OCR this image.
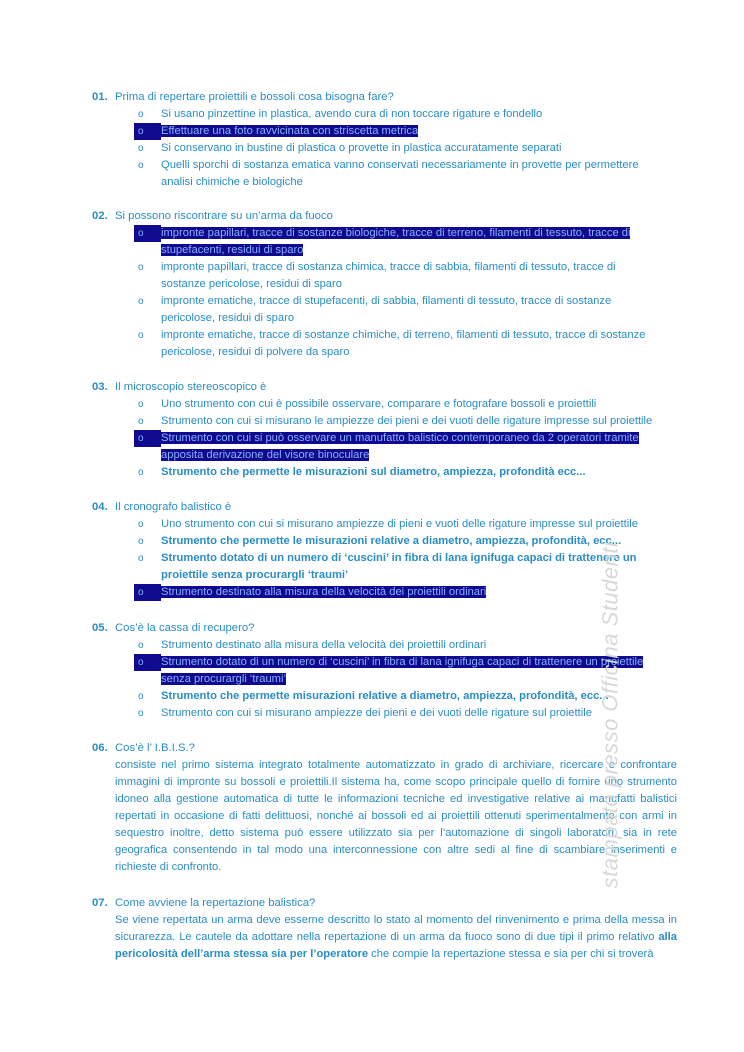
01. Prima di repertare proiettili e bossoli cosa bisogna fare?
o Si usano pinzettine in plastica, avendo cura di non toccare rigature e fondello
Effettuare una foto ravvicinata con striscetta metrica
o
o Si conservano in bustine di plastica o provette in plastica accuratamente separati
o Quelli sporchi di sostanza ematica vanno conservati necessariamente in provette per permettere analisi chimiche e biologiche
02. Si possono riscontrare su un’arma da fuoco
impronte papillari, tracce di sostanze biologiche, tracce di terreno, filamenti di tessuto, tracce di stupefacenti, residui di sparo
o
o impronte papillari, tracce di sostanza chimica, tracce di sabbia, filamenti di tessuto, tracce di sostanze pericolose, residui di sparo
o impronte ematiche, tracce di stupefacenti, di sabbia, filamenti di tessuto, tracce di sostanze pericolose, residui di sparo
o impronte ematiche, tracce di sostanze chimiche, di terreno, filamenti di tessuto, tracce di sostanze pericolose, residui di polvere da sparo
03. Il microscopio stereoscopico è
o Uno strumento con cui è possibile osservare, comparare e fotografare bossoli e proiettili
o Strumento con cui si misurano le ampiezze dei pieni e dei vuoti delle rigature impresse sul proiettile
Strumento con cui si può osservare un manufatto balistico contemporaneo da 2 operatori tramite apposita derivazione del visore binoculare
o
o Strumento che permette le misurazioni sul diametro, ampiezza, profondità ecc...
04. Il cronografo balistico è
o Uno strumento con cui si misurano ampiezze di pieni e vuoti delle rigature impresse sul proiettile
o Strumento che permette le misurazioni relative a diametro, ampiezza, profondità, ecc...
o Strumento dotato di un numero di ‘cuscini’ in fibra di lana ignifuga capaci di trattenere un proiettile senza procurargli ‘traumi’
Strumento destinato alla misura della velocità dei proiettili ordinari
o
05. Cos’è la cassa di recupero?
o Strumento destinato alla misura della velocità dei proiettili ordinari
Strumento dotato di un numero di ‘cuscini’ in fibra di lana ignifuga capaci di trattenere un proiettile senza procurargli ‘traumi’
o
o Strumento che permette misurazioni relative a diametro, ampiezza, profondità, ecc...
o Strumento con cui si misurano ampiezze dei pieni e dei vuoti delle rigature sul proiettile
06. Cos’è l’ I.B.I.S.?
consiste nel primo sistema integrato totalmente automatizzato in grado di archiviare, ricercare e confrontare immagini di impronte su bossoli e proiettili.Il sistema ha, come scopo principale quello di fornire uno strumento idoneo alla gestione automatica di tutte le informazioni tecniche ed investigative relative ai manufatti balistici repertati in occasione di fatti delittuosi, nonché ai bossoli ed ai proiettili ottenuti sperimentalmente con armi in sequestro inoltre, detto sistema può essere utilizzato sia per l’automazione di singoli laboratori, sia in rete geografica consentendo in tal modo una interconnessione con altre sedi al fine di scambiare inserimenti e richieste di confronto.
07. Come avviene la repertazione balistica?
Se viene repertata un arma deve esserne descritto lo stato al momento del rinvenimento e prima della messa in sicurarezza. Le cautele da adottare nella repertazione di un arma da fuoco sono di due tipi il primo relativo alla pericolosità dell’arma stessa sia per l’operatore che compie la repertazione stessa e sia per chi si troverà
stampato presso Officina Studenti
